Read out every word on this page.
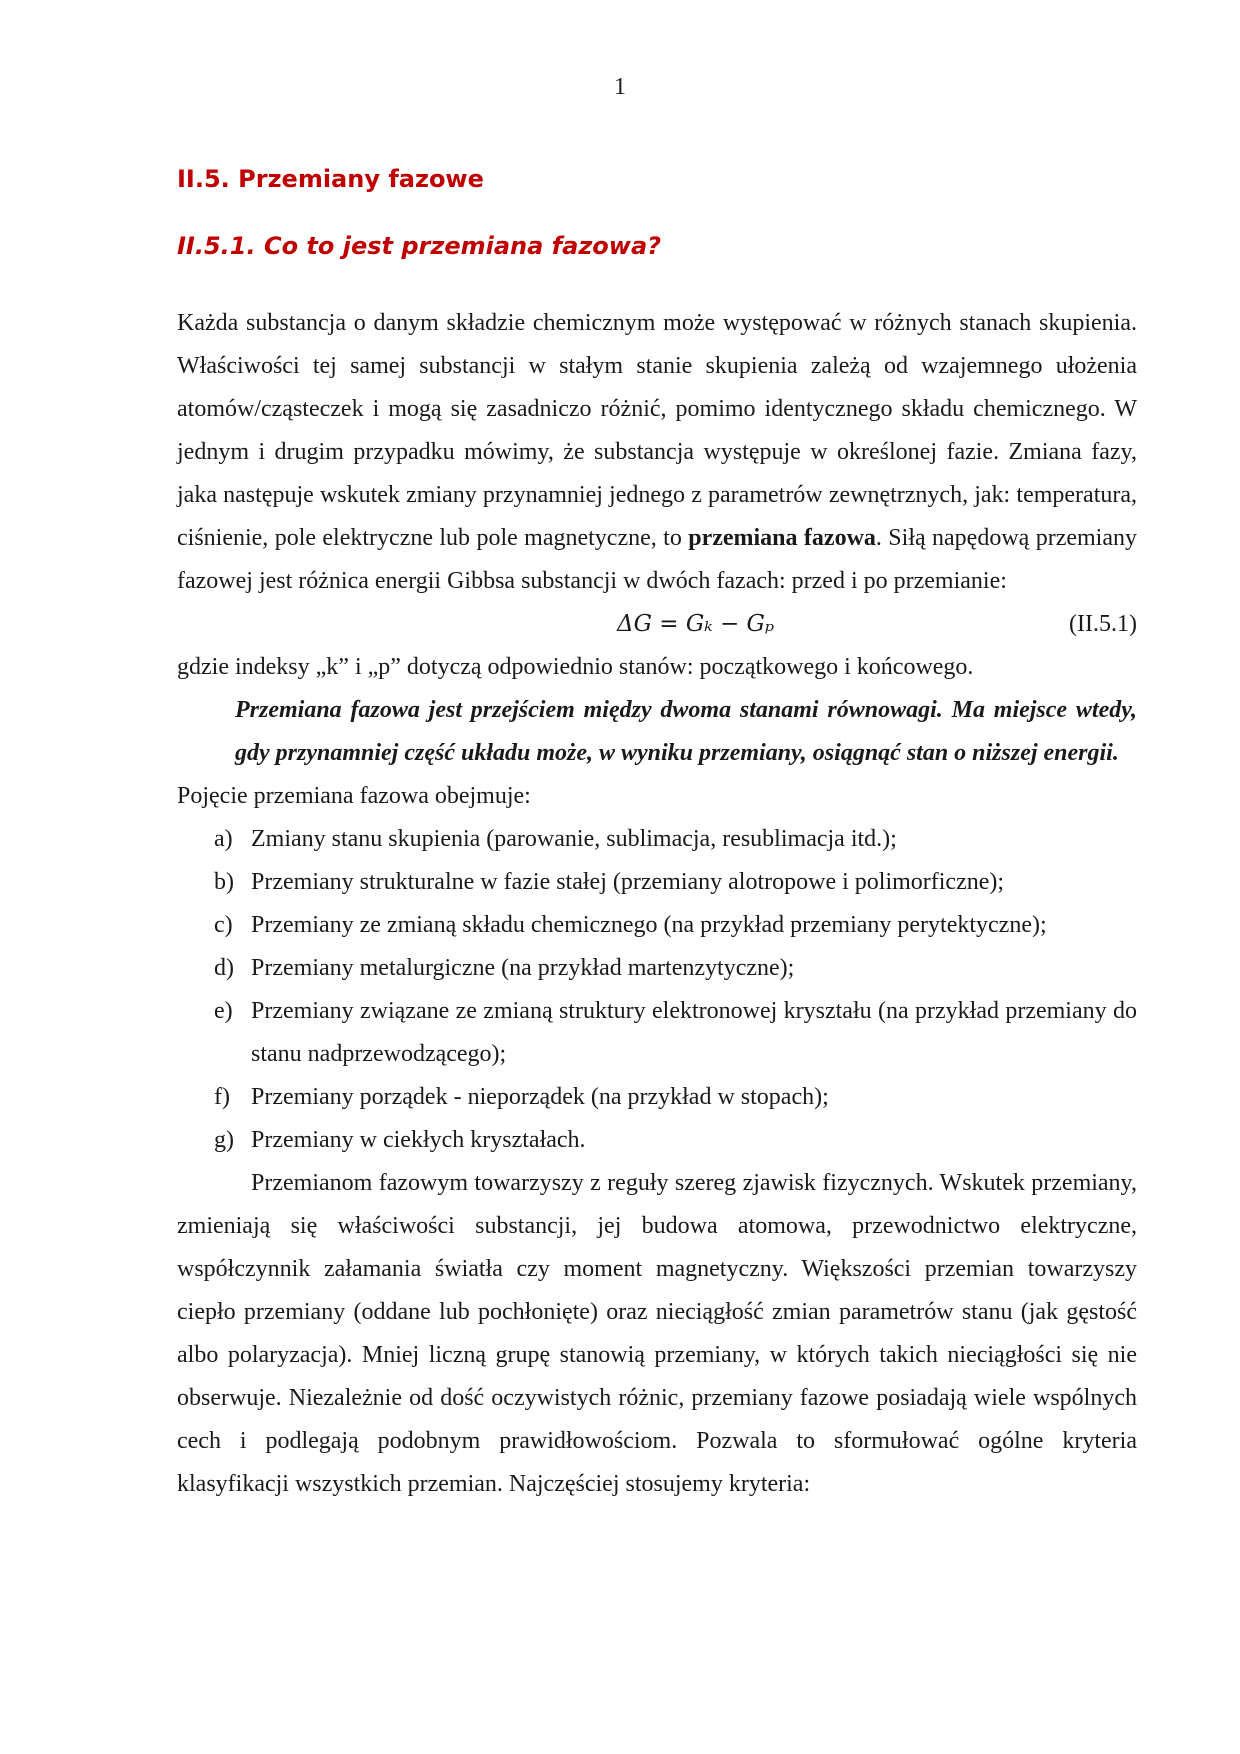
1
II.5. Przemiany fazowe
II.5.1. Co to jest przemiana fazowa?

Każda substancja o danym składzie chemicznym może występować w różnych stanach skupienia. Właściwości tej samej substancji w stałym stanie skupienia zależą od wzajemnego ułożenia atomów/cząsteczek i mogą się zasadniczo różnić, pomimo identycznego składu chemicznego. W jednym i drugim przypadku mówimy, że substancja występuje w określonej fazie. Zmiana fazy, jaka następuje wskutek zmiany przynamniej jednego z parametrów zewnętrznych, jak: temperatura, ciśnienie, pole elektryczne lub pole magnetyczne, to przemiana fazowa. Siłą napędową przemiany fazowej jest różnica energii Gibbsa substancji w dwóch fazach: przed i po przemianie:

ΔG = Gₖ − Gₚ	(II.5.1)

gdzie indeksy „k” i „p” dotyczą odpowiednio stanów: początkowego i końcowego.

Przemiana fazowa jest przejściem między dwoma stanami równowagi. Ma miejsce wtedy, gdy przynamniej część układu może, w wyniku przemiany, osiągnąć stan o niższej energii.

Pojęcie przemiana fazowa obejmuje:

a) Zmiany stanu skupienia (parowanie, sublimacja, resublimacja itd.);
b) Przemiany strukturalne w fazie stałej (przemiany alotropowe i polimorficzne);
c) Przemiany ze zmianą składu chemicznego (na przykład przemiany perytektyczne);
d) Przemiany metalurgiczne (na przykład martenzytyczne);
e) Przemiany związane ze zmianą struktury elektronowej kryształu (na przykład przemiany do stanu nadprzewodzącego);
f) Przemiany porządek - nieporządek (na przykład w stopach);
g) Przemiany w ciekłych kryształach.

Przemianom fazowym towarzyszy z reguły szereg zjawisk fizycznych. Wskutek przemiany, zmieniają się właściwości substancji, jej budowa atomowa, przewodnictwo elektryczne, współczynnik załamania światła czy moment magnetyczny. Większości przemian towarzyszy ciepło przemiany (oddane lub pochłonięte) oraz nieciągłość zmian parametrów stanu (jak gęstość albo polaryzacja). Mniej liczną grupę stanowią przemiany, w których takich nieciągłości się nie obserwuje. Niezależnie od dość oczywistych różnic, przemiany fazowe posiadają wiele wspólnych cech i podlegają podobnym prawidłowościom. Pozwala to sformułować ogólne kryteria klasyfikacji wszystkich przemian. Najczęściej stosujemy kryteria:
